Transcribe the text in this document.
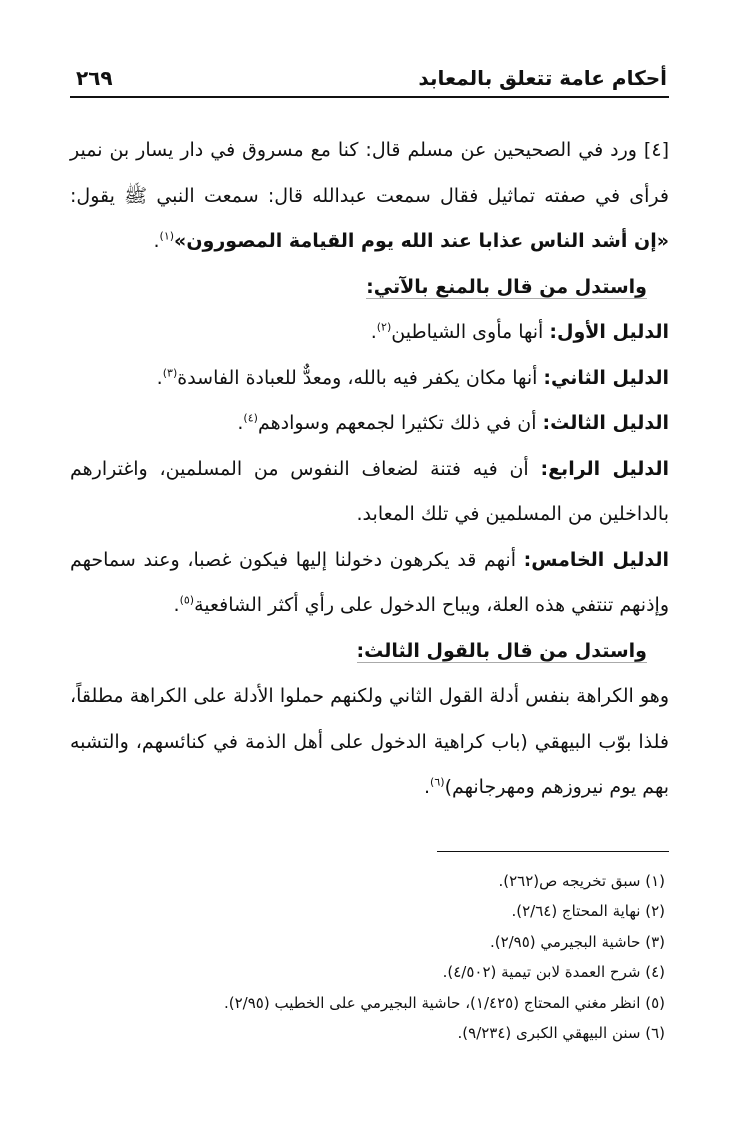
أحكام عامة تتعلق بالمعابد
٢٦٩

[٤] ورد في الصحيحين عن مسلم قال: كنا مع مسروق في دار يسار بن نمير فرأى في صفته تماثيل فقال سمعت عبدالله قال: سمعت النبي ﷺ يقول: «إن أشد الناس عذابا عند الله يوم القيامة المصورون»$^{(١)}$.

واستدل من قال بالمنع بالآتي:

الدليل الأول: أنها مأوى الشياطين$^{(٢)}$.

الدليل الثاني: أنها مكان يكفر فيه بالله، ومعدٌّ للعبادة الفاسدة$^{(٣)}$.

الدليل الثالث: أن في ذلك تكثيرا لجمعهم وسوادهم$^{(٤)}$.

الدليل الرابع: أن فيه فتنة لضعاف النفوس من المسلمين، واغترارهم بالداخلين من المسلمين في تلك المعابد.

الدليل الخامس: أنهم قد يكرهون دخولنا إليها فيكون غصبا، وعند سماحهم وإذنهم تنتفي هذه العلة، ويباح الدخول على رأي أكثر الشافعية$^{(٥)}$.

واستدل من قال بالقول الثالث:

وهو الكراهة بنفس أدلة القول الثاني ولكنهم حملوا الأدلة على الكراهة مطلقاً، فلذا بوّب البيهقي (باب كراهية الدخول على أهل الذمة في كنائسهم، والتشبه بهم يوم نيروزهم ومهرجانهم)$^{(٦)}$.

(١) سبق تخريجه ص(٢٦٢).

(٢) نهاية المحتاج (٢/٦٤).

(٣) حاشية البجيرمي (٢/٩٥).

(٤) شرح العمدة لابن تيمية (٤/٥٠٢).

(٥) انظر مغني المحتاج (١/٤٢٥)، حاشية البجيرمي على الخطيب (٢/٩٥).

(٦) سنن البيهقي الكبرى (٩/٢٣٤).
